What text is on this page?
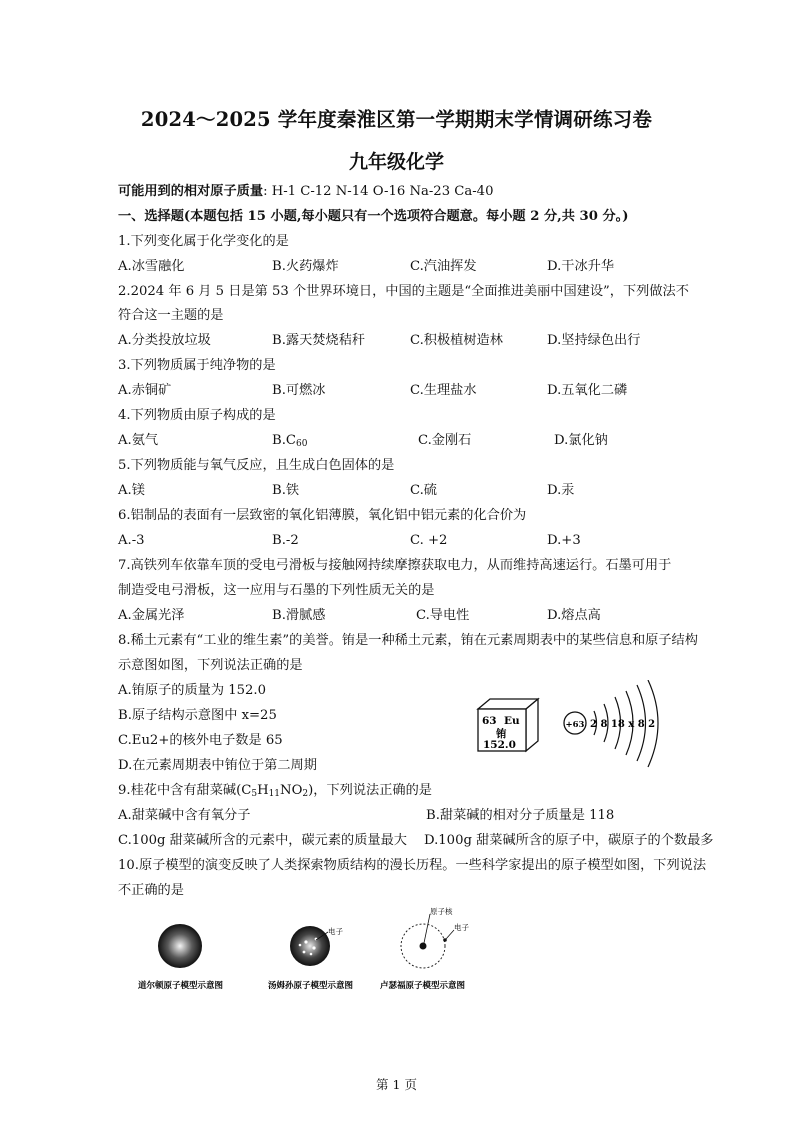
2024～2025 学年度秦淮区第一学期期末学情调研练习卷
九年级化学
可能用到的相对原子质量: H-1 C-12 N-14 O-16 Na-23 Ca-40
一、选择题(本题包括 15 小题,每小题只有一个选项符合题意。每小题 2 分,共 30 分。)
1.下列变化属于化学变化的是
A.冰雪融化	B.火药爆炸	C.汽油挥发	D.干冰升华
2.2024 年 6 月 5 日是第 53 个世界环境日，中国的主题是“全面推进美丽中国建设”，下列做法不
符合这一主题的是
A.分类投放垃圾	B.露天焚烧秸秆	C.积极植树造林	D.坚持绿色出行
3.下列物质属于纯净物的是
A.赤铜矿	B.可燃冰	C.生理盐水	D.五氧化二磷
4.下列物质由原子构成的是
A.氨气	$B.C_{60}$	C.金刚石	D.氯化钠
5.下列物质能与氧气反应，且生成白色固体的是
A.镁	B.铁	C.硫	D.汞
6.铝制品的表面有一层致密的氧化铝薄膜，氧化铝中铝元素的化合价为
A.-3	B.-2	C. +2	D.+3
7.高铁列车依靠车顶的受电弓滑板与接触网持续摩擦获取电力，从而维持高速运行。石墨可用于
制造受电弓滑板，这一应用与石墨的下列性质无关的是
A.金属光泽	B.滑腻感	C.导电性	D.熔点高
8.稀土元素有“工业的维生素”的美誉。铕是一种稀土元素，铕在元素周期表中的某些信息和原子结构
示意图如图，下列说法正确的是
A.铕原子的质量为 152.0
B.原子结构示意图中 x=25
C.Eu2+的核外电子数是 65
D.在元素周期表中铕位于第二周期
63 Eu
铕
152.0
+63 2 8 18 x 8 2
9.桂花中含有甜菜碱$(C_5H_{11}NO_2)$，下列说法正确的是
A.甜菜碱中含有氧分子	B.甜菜碱的相对分子质量是 118
C.100g 甜菜碱所含的元素中，碳元素的质量最大 D.100g 甜菜碱所含的原子中，碳原子的个数最多
10.原子模型的演变反映了人类探索物质结构的漫长历程。一些科学家提出的原子模型如图，下列说法
不正确的是
道尔顿原子模型示意图
电子
汤姆孙原子模型示意图
原子核
电子
卢瑟福原子模型示意图
第 1 页
